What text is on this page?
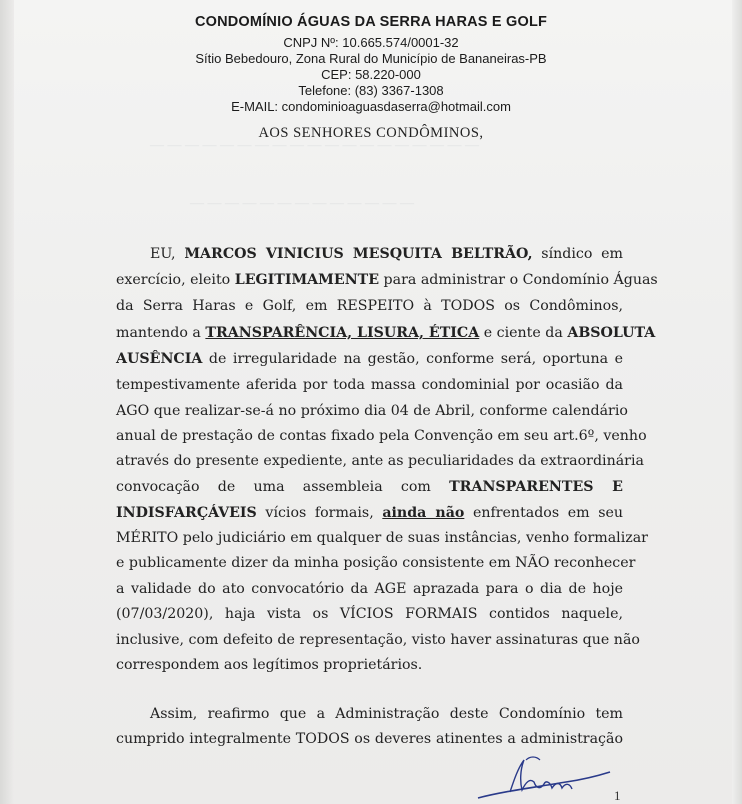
— — — — — — — — — — — — — — — — — — —
— — — — — — — — — — — — —
CONDOMÍNIO ÁGUAS DA SERRA HARAS E GOLF
CNPJ Nº: 10.665.574/0001-32
Sítio Bebedouro, Zona Rural do Município de Bananeiras-PB
CEP: 58.220-000
Telefone: (83) 3367-1308
E-MAIL: condominioaguasdaserra@hotmail.com
AOS SENHORES CONDÔMINOS,
EU, MARCOS VINICIUS MESQUITA BELTRÃO, síndico em
exercício, eleito LEGITIMAMENTE para administrar o Condomínio Águas
da Serra Haras e Golf, em RESPEITO à TODOS os Condôminos,
mantendo a TRANSPARÊNCIA, LISURA, ÉTICA e ciente da ABSOLUTA
AUSÊNCIA de irregularidade na gestão, conforme será, oportuna e
tempestivamente aferida por toda massa condominial por ocasião da
AGO que realizar-se-á no próximo dia 04 de Abril, conforme calendário
anual de prestação de contas fixado pela Convenção em seu art.6º, venho
através do presente expediente, ante as peculiaridades da extraordinária
convocação de uma assembleia com TRANSPARENTES E
INDISFARÇÁVEIS vícios formais, ainda não enfrentados em seu
MÉRITO pelo judiciário em qualquer de suas instâncias, venho formalizar
e publicamente dizer da minha posição consistente em NÃO reconhecer
a validade do ato convocatório da AGE aprazada para o dia de hoje
(07/03/2020), haja vista os VÍCIOS FORMAIS contidos naquele,
inclusive, com defeito de representação, visto haver assinaturas que não
correspondem aos legítimos proprietários.
Assim, reafirmo que a Administração deste Condomínio tem
cumprido integralmente TODOS os deveres atinentes a administração
1
